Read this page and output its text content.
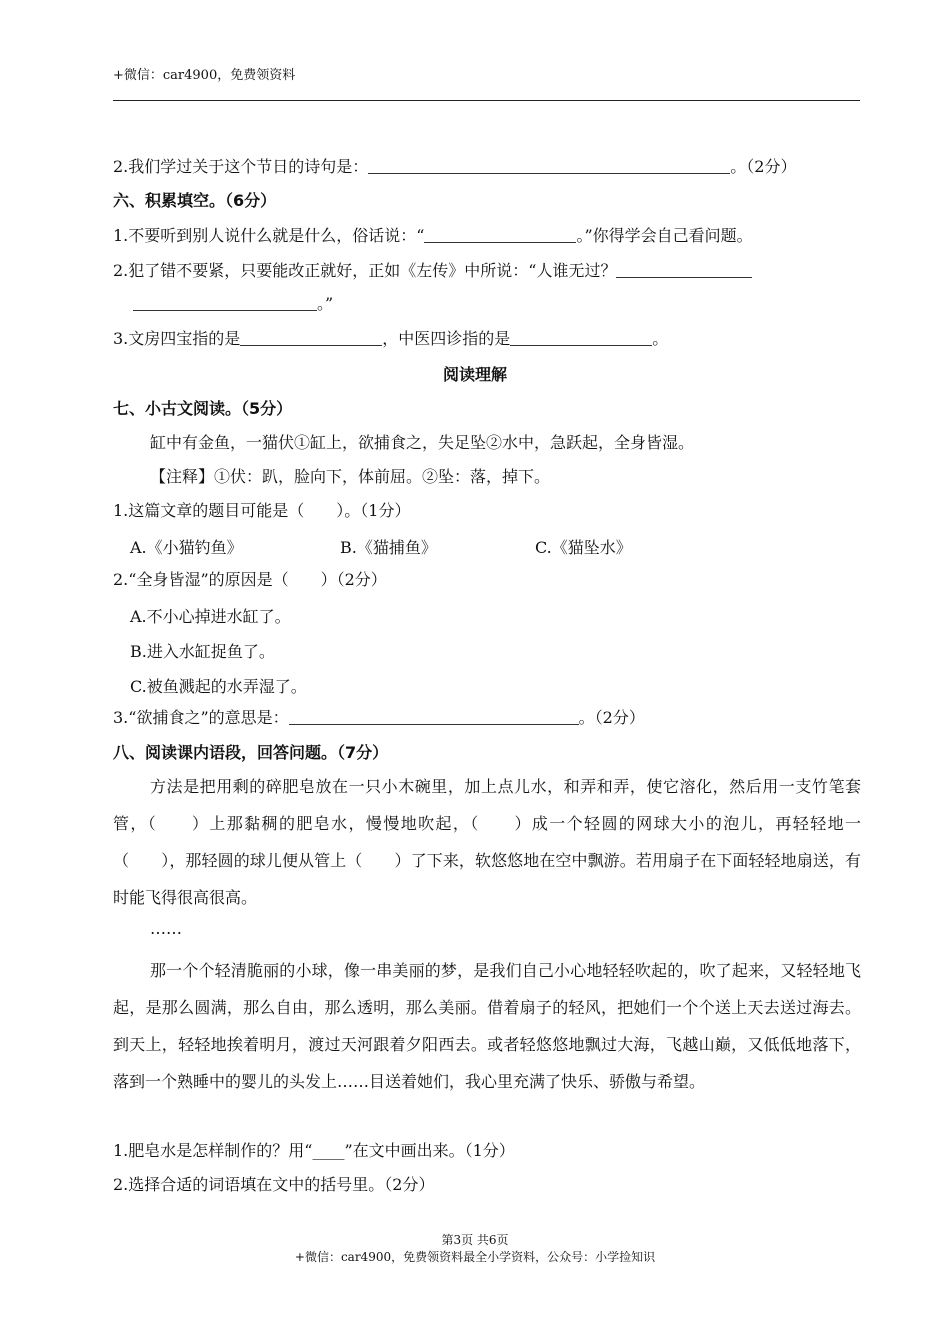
+微信：car4900，免费领资料
2.我们学过关于这个节日的诗句是：	。（2分）
六、积累填空。（6分）
1.不要听到别人说什么就是什么，俗话说：“	。”你得学会自己看问题。
2.犯了错不要紧，只要能改正就好，正如《左传》中所说：“人谁无过？
。”
3.文房四宝指的是	，中医四诊指的是	。
阅读理解
七、小古文阅读。（5分）
缸中有金鱼，一猫伏①缸上，欲捕食之，失足坠②水中，急跃起，全身皆湿。
【注释】①伏：趴，脸向下，体前屈。②坠：落，掉下。
1.这篇文章的题目可能是（　　）。（1分）
A.《小猫钓鱼》	B.《猫捕鱼》	C.《猫坠水》
2.“全身皆湿”的原因是（　　）（2分）
A.不小心掉进水缸了。
B.进入水缸捉鱼了。
C.被鱼溅起的水弄湿了。
3.“欲捕食之”的意思是：	。（2分）
八、阅读课内语段，回答问题。（7分）
方法是把用剩的碎肥皂放在一只小木碗里，加上点儿水，和弄和弄，使它溶化，然后用一支竹笔套管，（　　）上那黏稠的肥皂水，慢慢地吹起，（　　）成一个轻圆的网球大小的泡儿，再轻轻地一（　　），那轻圆的球儿便从管上（　　）了下来，软悠悠地在空中飘游。若用扇子在下面轻轻地扇送，有时能飞得很高很高。
……
那一个个轻清脆丽的小球，像一串美丽的梦，是我们自己小心地轻轻吹起的，吹了起来，又轻轻地飞起，是那么圆满，那么自由，那么透明，那么美丽。借着扇子的轻风，把她们一个个送上天去送过海去。到天上，轻轻地挨着明月，渡过天河跟着夕阳西去。或者轻悠悠地飘过大海，飞越山巅，又低低地落下，落到一个熟睡中的婴儿的头发上……目送着她们，我心里充满了快乐、骄傲与希望。
1.肥皂水是怎样制作的？用“____”在文中画出来。（1分）
2.选择合适的词语填在文中的括号里。（2分）
第3页 共6页
+微信：car4900，免费领资料最全小学资料，公众号：小学捡知识
